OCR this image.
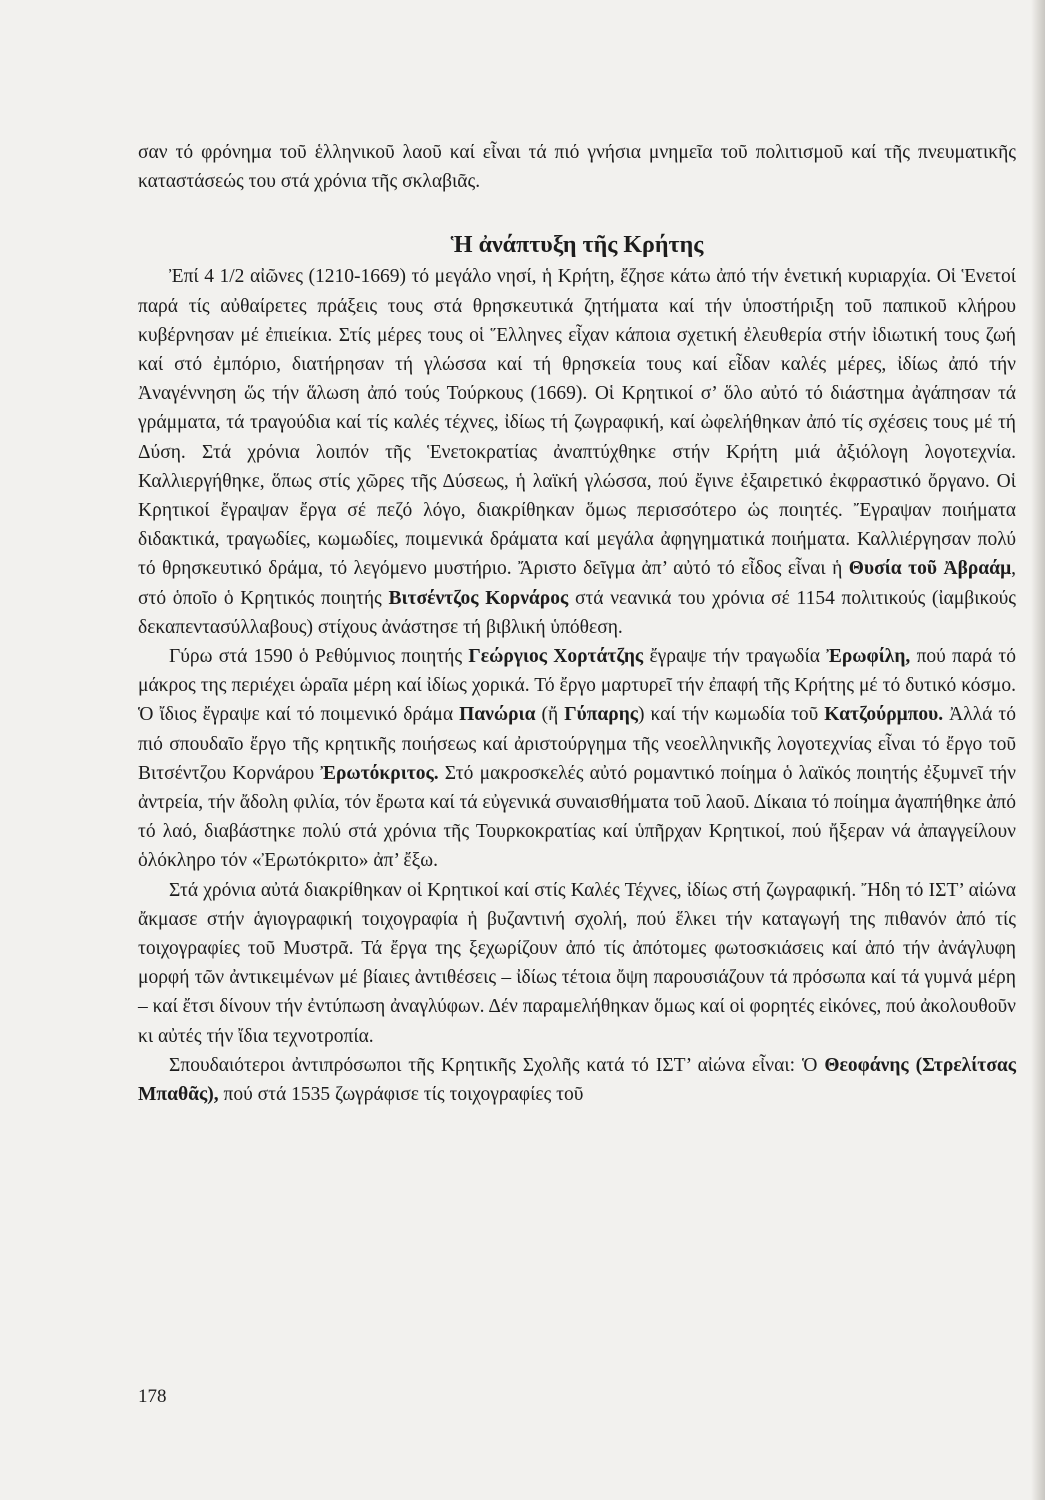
σαν τό φρόνημα τοῦ ἑλληνικοῦ λαοῦ καί εἶναι τά πιό γνήσια μνημεῖα τοῦ πολιτισμοῦ καί τῆς πνευματικῆς καταστάσεώς του στά χρόνια τῆς σκλαβιᾶς.

Ἡ ἀνάπτυξη τῆς Κρήτης

Ἐπί 4 1/2 αἰῶνες (1210-1669) τό μεγάλο νησί, ἡ Κρήτη, ἔζησε κάτω ἀπό τήν ἑνετική κυριαρχία. Οἱ Ἑνετοί παρά τίς αὐθαίρετες πράξεις τους στά θρησκευτικά ζητήματα καί τήν ὑποστήριξη τοῦ παπικοῦ κλήρου κυβέρνησαν μέ ἐπιείκια. Στίς μέρες τους οἱ Ἕλληνες εἶχαν κάποια σχετική ἐλευθερία στήν ἰδιωτική τους ζωή καί στό ἐμπόριο, διατήρησαν τή γλώσσα καί τή θρησκεία τους καί εἶδαν καλές μέρες, ἰδίως ἀπό τήν Ἀναγέννηση ὥς τήν ἅλωση ἀπό τούς Τούρκους (1669). Οἱ Κρητικοί σ’ ὅλο αὐτό τό διάστημα ἀγάπησαν τά γράμματα, τά τραγούδια καί τίς καλές τέχνες, ἰδίως τή ζωγραφική, καί ὠφελήθηκαν ἀπό τίς σχέσεις τους μέ τή Δύση. Στά χρόνια λοιπόν τῆς Ἑνετοκρατίας ἀναπτύχθηκε στήν Κρήτη μιά ἀξιόλογη λογοτεχνία. Καλλιεργήθηκε, ὅπως στίς χῶρες τῆς Δύσεως, ἡ λαϊκή γλώσσα, πού ἔγινε ἐξαιρετικό ἐκφραστικό ὄργανο. Οἱ Κρητικοί ἔγραψαν ἔργα σέ πεζό λόγο, διακρίθηκαν ὅμως περισσότερο ὡς ποιητές. Ἔγραψαν ποιήματα διδακτικά, τραγωδίες, κωμωδίες, ποιμενικά δράματα καί μεγάλα ἀφηγηματικά ποιήματα. Καλλιέργησαν πολύ τό θρησκευτικό δράμα, τό λεγόμενο μυστήριο. Ἄριστο δεῖγμα ἀπ’ αὐτό τό εἶδος εἶναι ἡ Θυσία τοῦ Ἀβραάμ, στό ὁποῖο ὁ Κρητικός ποιητής Βιτσέντζος Κορνάρος στά νεανικά του χρόνια σέ 1154 πολιτικούς (ἰαμβικούς δεκαπεντασύλλαβους) στίχους ἀνάστησε τή βιβλική ὑπόθεση.

Γύρω στά 1590 ὁ Ρεθύμνιος ποιητής Γεώργιος Χορτάτζης ἔγραψε τήν τραγωδία Ἐρωφίλη, πού παρά τό μάκρος της περιέχει ὡραῖα μέρη καί ἰδίως χορικά. Τό ἔργο μαρτυρεῖ τήν ἐπαφή τῆς Κρήτης μέ τό δυτικό κόσμο. Ὁ ἴδιος ἔγραψε καί τό ποιμενικό δράμα Πανώρια (ἤ Γύπαρης) καί τήν κωμωδία τοῦ Κατζούρμπου. Ἀλλά τό πιό σπουδαῖο ἔργο τῆς κρητικῆς ποιήσεως καί ἀριστούργημα τῆς νεοελληνικῆς λογοτεχνίας εἶναι τό ἔργο τοῦ Βιτσέντζου Κορνάρου Ἐρωτόκριτος. Στό μακροσκελές αὐτό ρομαντικό ποίημα ὁ λαϊκός ποιητής ἐξυμνεῖ τήν ἀντρεία, τήν ἄδολη φιλία, τόν ἔρωτα καί τά εὐγενικά συναισθήματα τοῦ λαοῦ. Δίκαια τό ποίημα ἀγαπήθηκε ἀπό τό λαό, διαβάστηκε πολύ στά χρόνια τῆς Τουρκοκρατίας καί ὑπῆρχαν Κρητικοί, πού ἤξεραν νά ἀπαγγείλουν ὁλόκληρο τόν «Ἐρωτόκριτο» ἀπ’ ἔξω.

Στά χρόνια αὐτά διακρίθηκαν οἱ Κρητικοί καί στίς Καλές Τέχνες, ἰδίως στή ζωγραφική. Ἤδη τό ΙΣΤ’ αἰώνα ἄκμασε στήν ἁγιογραφική τοιχογραφία ἡ βυζαντινή σχολή, πού ἕλκει τήν καταγωγή της πιθανόν ἀπό τίς τοιχογραφίες τοῦ Μυστρᾶ. Τά ἔργα της ξεχωρίζουν ἀπό τίς ἀπότομες φωτοσκιάσεις καί ἀπό τήν ἀνάγλυφη μορφή τῶν ἀντικειμένων μέ βίαιες ἀντιθέσεις – ἰδίως τέτοια ὄψη παρουσιάζουν τά πρόσωπα καί τά γυμνά μέρη – καί ἔτσι δίνουν τήν ἐντύπωση ἀναγλύφων. Δέν παραμελήθηκαν ὅμως καί οἱ φορητές εἰκόνες, πού ἀκολουθοῦν κι αὐτές τήν ἴδια τεχνοτροπία.

Σπουδαιότεροι ἀντιπρόσωποι τῆς Κρητικῆς Σχολῆς κατά τό ΙΣΤ’ αἰώνα εἶναι: Ὁ Θεοφάνης (Στρελίτσας Μπαθᾶς), πού στά 1535 ζωγράφισε τίς τοιχογραφίες τοῦ

178
